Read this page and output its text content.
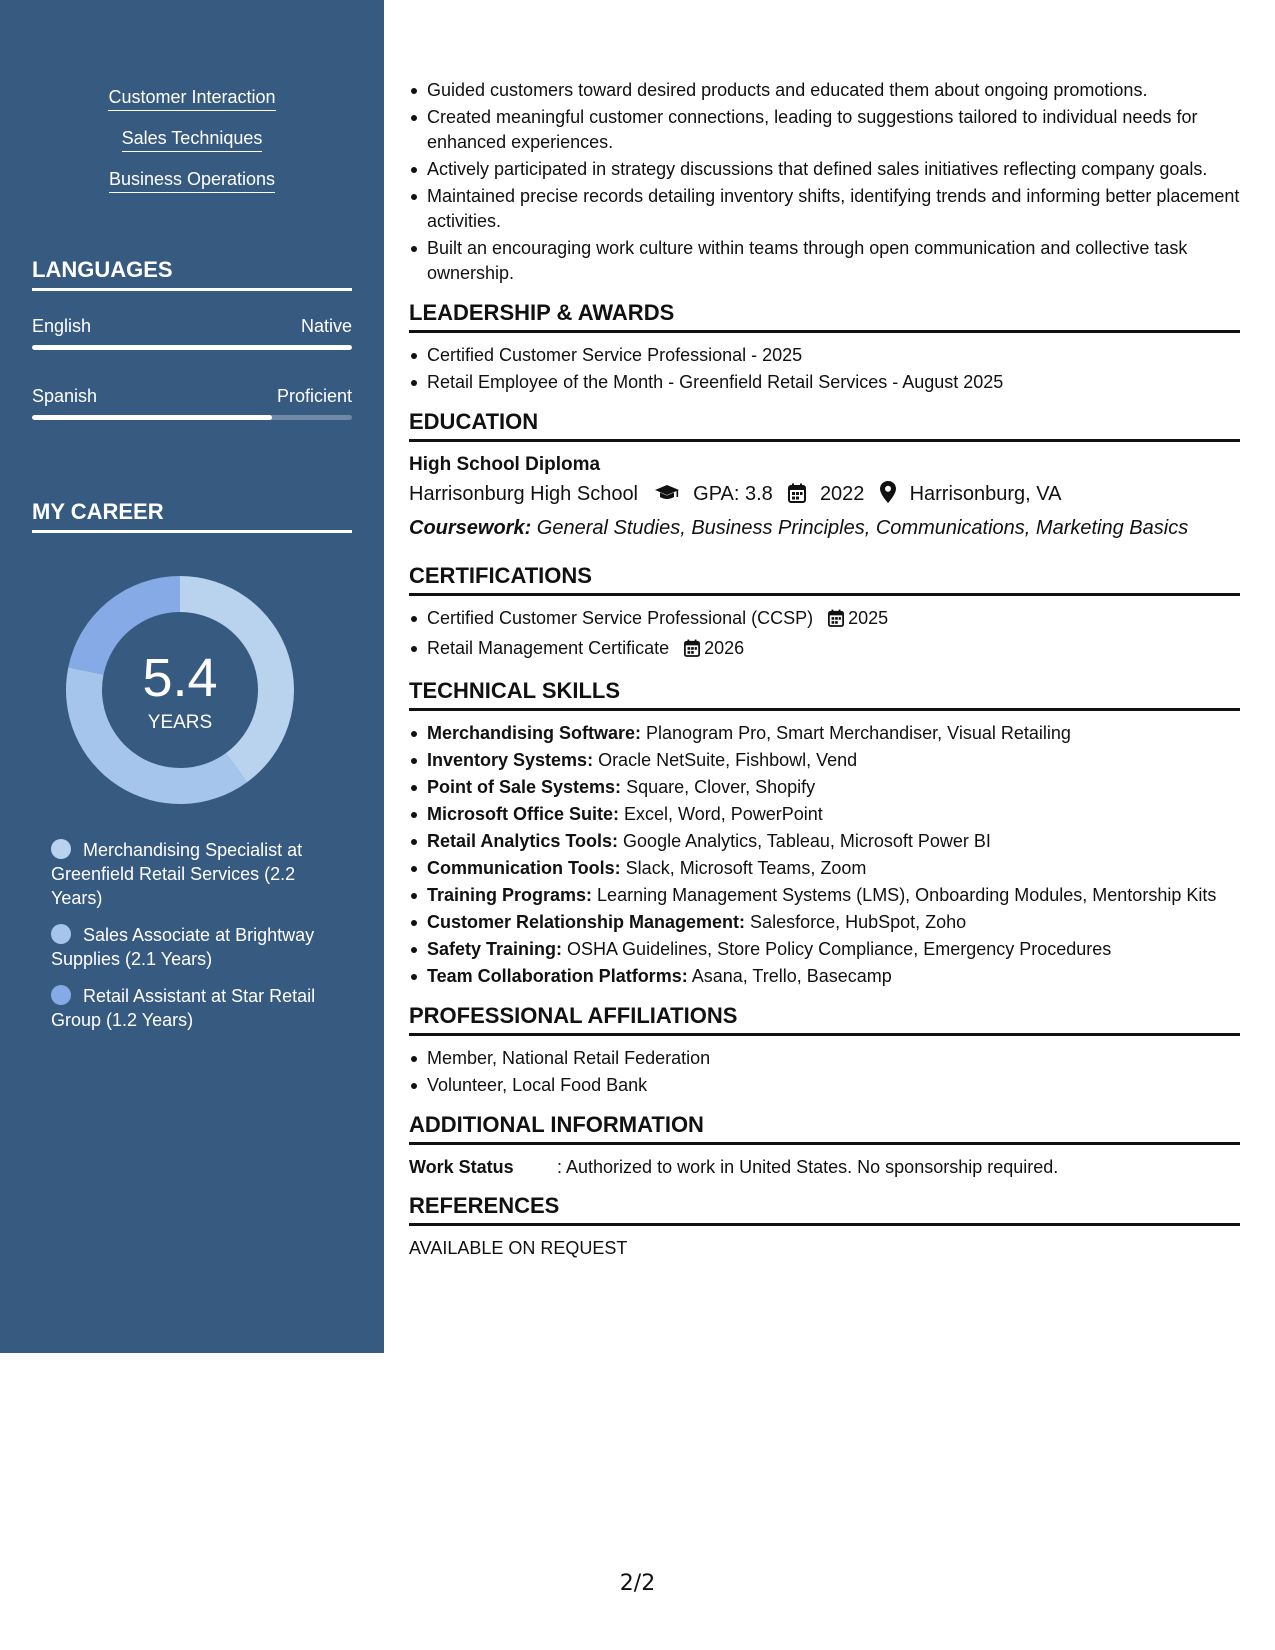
Customer Interaction
Sales Techniques
Business Operations
LANGUAGES
English	Native
Spanish	Proficient
MY CAREER
5.4
YEARS
Merchandising Specialist at Greenfield Retail Services (2.2 Years)
Sales Associate at Brightway Supplies (2.1 Years)
Retail Assistant at Star Retail Group (1.2 Years)
Guided customers toward desired products and educated them about ongoing promotions.
Created meaningful customer connections, leading to suggestions tailored to individual needs for enhanced experiences.
Actively participated in strategy discussions that defined sales initiatives reflecting company goals.
Maintained precise records detailing inventory shifts, identifying trends and informing better placement activities.
Built an encouraging work culture within teams through open communication and collective task ownership.
LEADERSHIP & AWARDS
Certified Customer Service Professional - 2025
Retail Employee of the Month - Greenfield Retail Services - August 2025
EDUCATION
High School Diploma
Harrisonburg High School	GPA: 3.8 2022 Harrisonburg, VA
Coursework: General Studies, Business Principles, Communications, Marketing Basics
CERTIFICATIONS
Certified Customer Service Professional (CCSP) 2025
Retail Management Certificate 2026
TECHNICAL SKILLS
Merchandising Software: Planogram Pro, Smart Merchandiser, Visual Retailing
Inventory Systems: Oracle NetSuite, Fishbowl, Vend
Point of Sale Systems: Square, Clover, Shopify
Microsoft Office Suite: Excel, Word, PowerPoint
Retail Analytics Tools: Google Analytics, Tableau, Microsoft Power BI
Communication Tools: Slack, Microsoft Teams, Zoom
Training Programs: Learning Management Systems (LMS), Onboarding Modules, Mentorship Kits
Customer Relationship Management: Salesforce, HubSpot, Zoho
Safety Training: OSHA Guidelines, Store Policy Compliance, Emergency Procedures
Team Collaboration Platforms: Asana, Trello, Basecamp
PROFESSIONAL AFFILIATIONS
Member, National Retail Federation
Volunteer, Local Food Bank
ADDITIONAL INFORMATION
Work Status : Authorized to work in United States. No sponsorship required.
REFERENCES
AVAILABLE ON REQUEST
2/2
